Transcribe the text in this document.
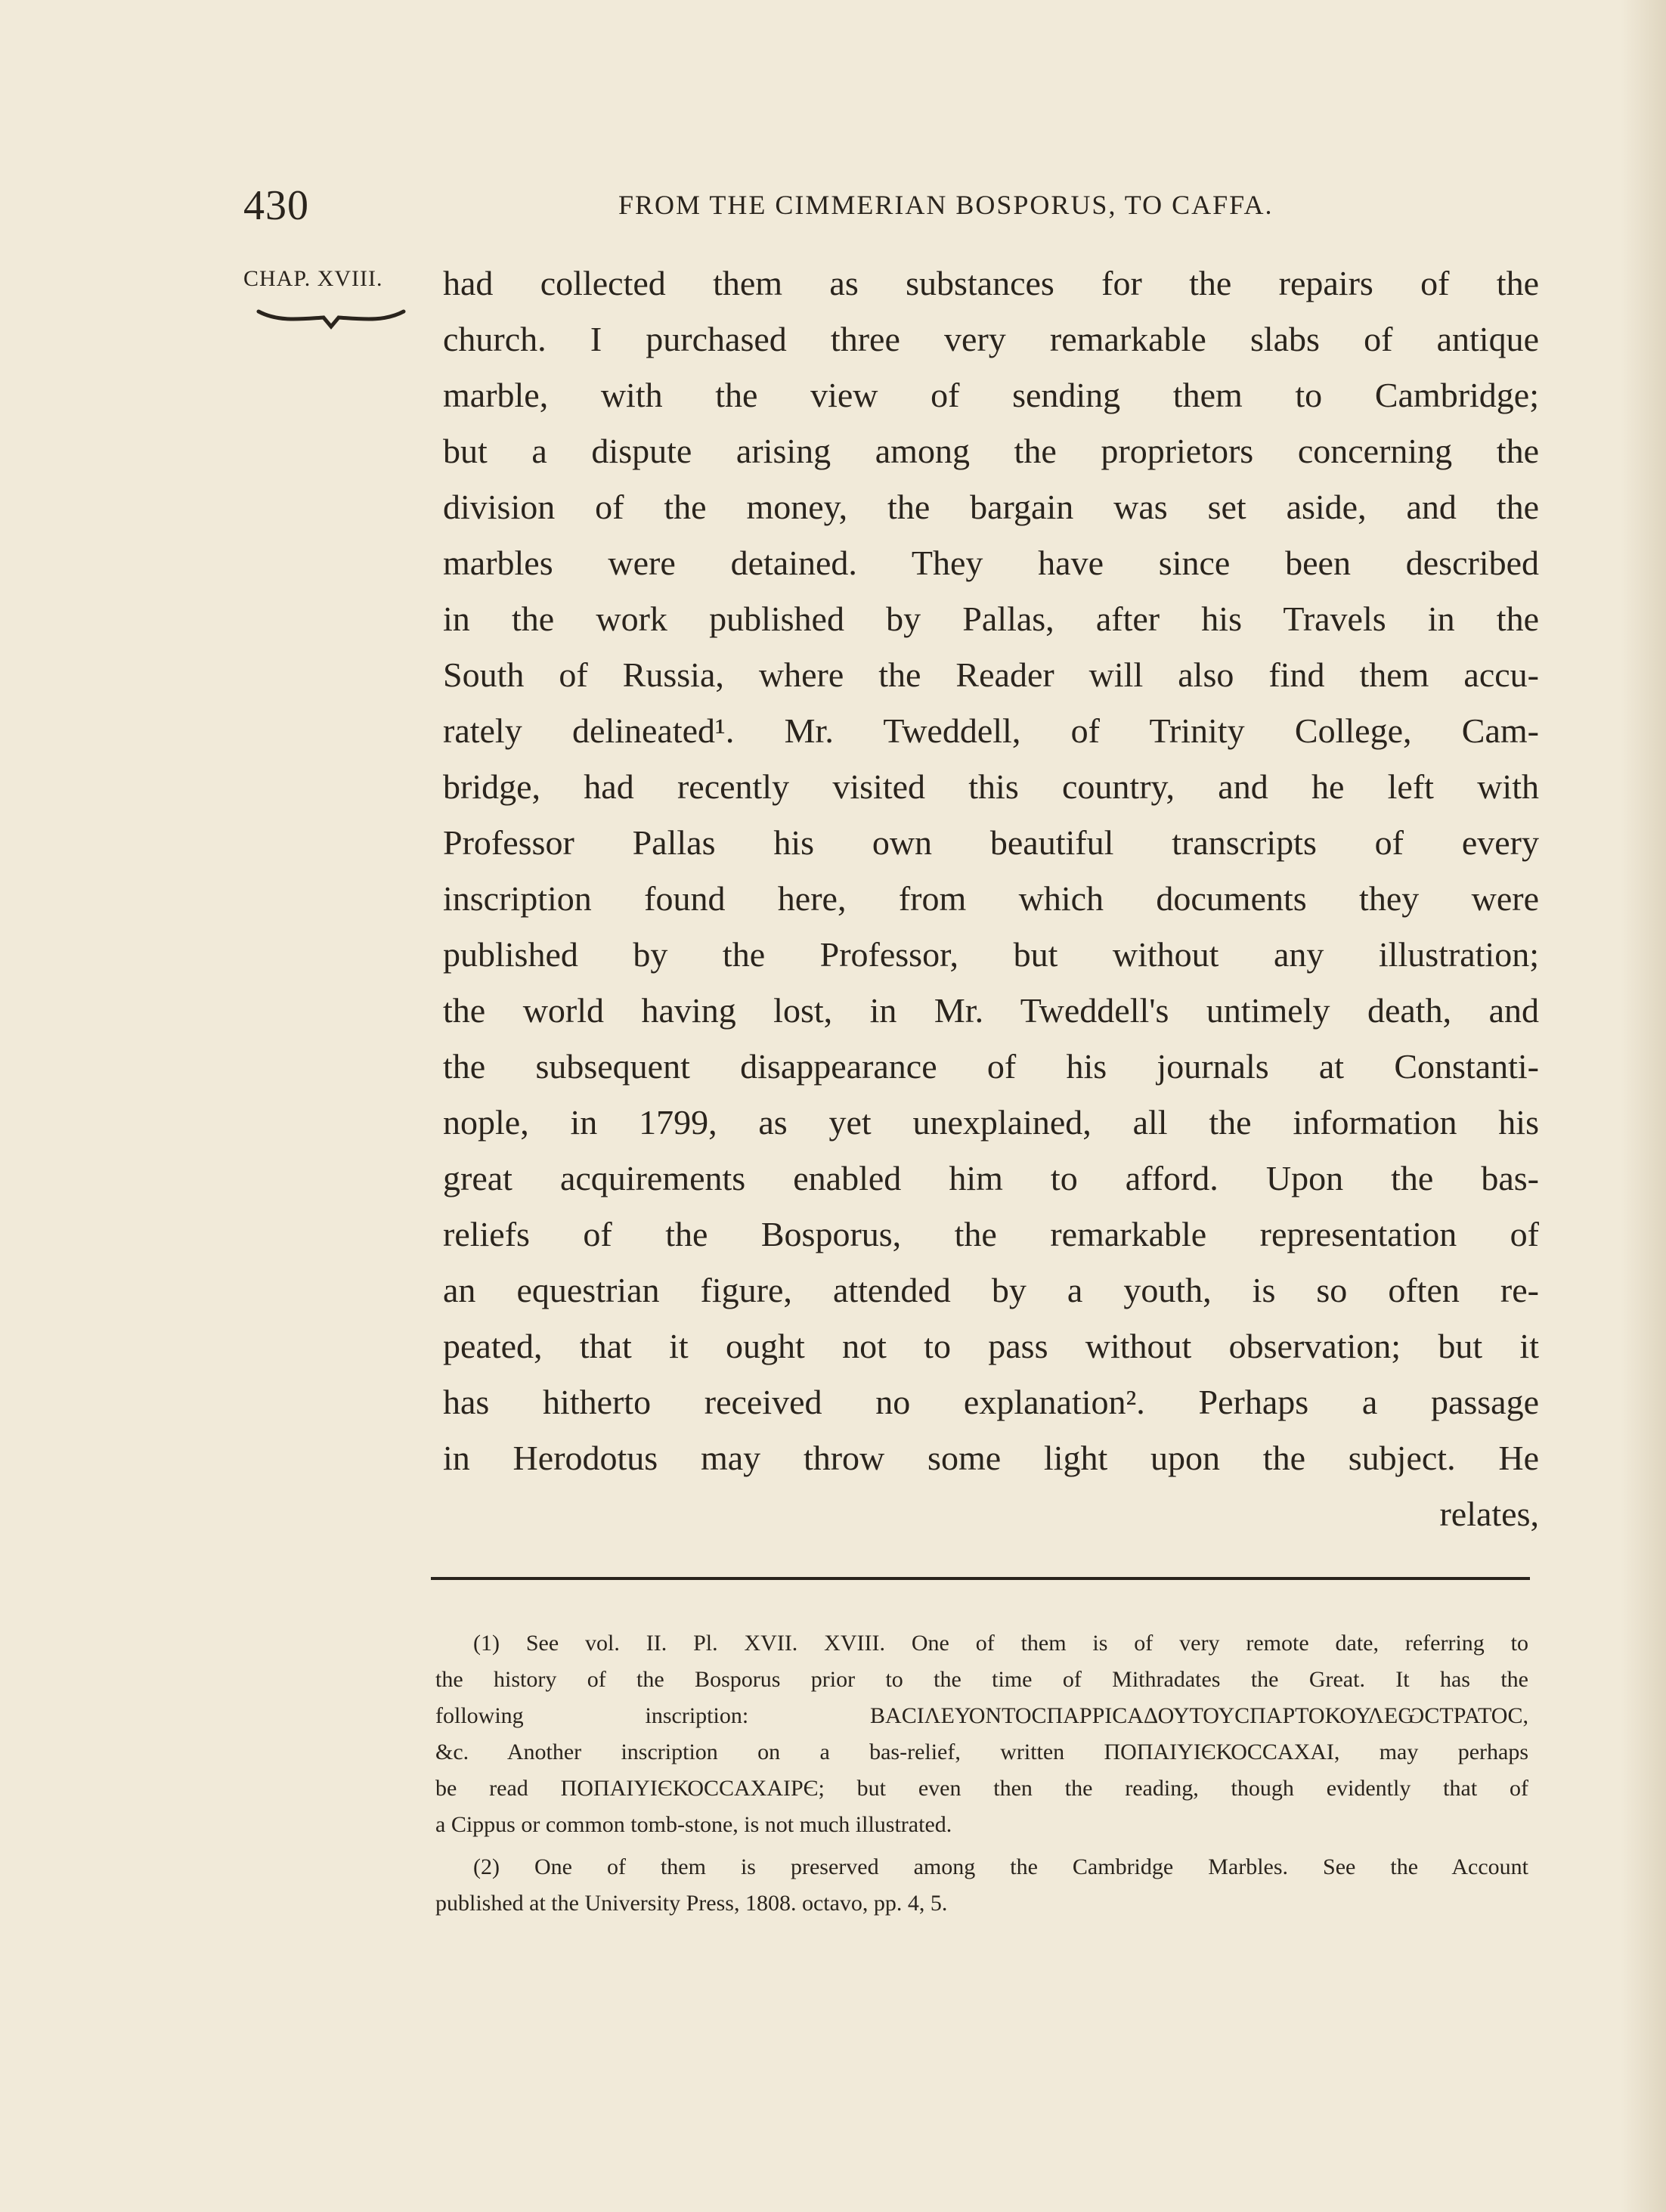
430	FROM THE CIMMERIAN BOSPORUS, TO CAFFA.
CHAP. XVIII. had collected them as substances for the repairs of the
church. I purchased three very remarkable slabs of antique
marble, with the view of sending them to Cambridge;
but a dispute arising among the proprietors concerning the
division of the money, the bargain was set aside, and the
marbles were detained. They have since been described
in the work published by Pallas, after his Travels in the
South of Russia, where the Reader will also find them accu-
rately delineated¹. Mr. Tweddell, of Trinity College, Cam-
bridge, had recently visited this country, and he left with
Professor Pallas his own beautiful transcripts of every
inscription found here, from which documents they were
published by the Professor, but without any illustration;
the world having lost, in Mr. Tweddell's untimely death, and
the subsequent disappearance of his journals at Constanti-
nople, in 1799, as yet unexplained, all the information his
great acquirements enabled him to afford. Upon the bas-
reliefs of the Bosporus, the remarkable representation of
an equestrian figure, attended by a youth, is so often re-
peated, that it ought not to pass without observation; but it
has hitherto received no explanation². Perhaps a passage
in Herodotus may throw some light upon the subject. He
relates,
(1) See vol. II. Pl. XVII. XVIII. One of them is of very remote date, referring to
the history of the Bosporus prior to the time of Mithradates the Great. It has the
following inscription: ΒΑCΙΛΕΥΟΝΤΟCΠΑΡΡΙCΑΔΟΥΤΟΥCΠΑΡΤΟΚΟΥΛΕѠCΤΡΑΤΟC,
&c. Another inscription on a bas-relief, written ΠΟΠΑΙΥΙЄΚΟCCΑΧΑΙ, may perhaps
be read ΠΟΠΑΙΥΙЄΚΟCCΑΧΑΙΡЄ; but even then the reading, though evidently that of
a Cippus or common tomb-stone, is not much illustrated.
(2) One of them is preserved among the Cambridge Marbles. See the Account
published at the University Press, 1808. octavo, pp. 4, 5.
